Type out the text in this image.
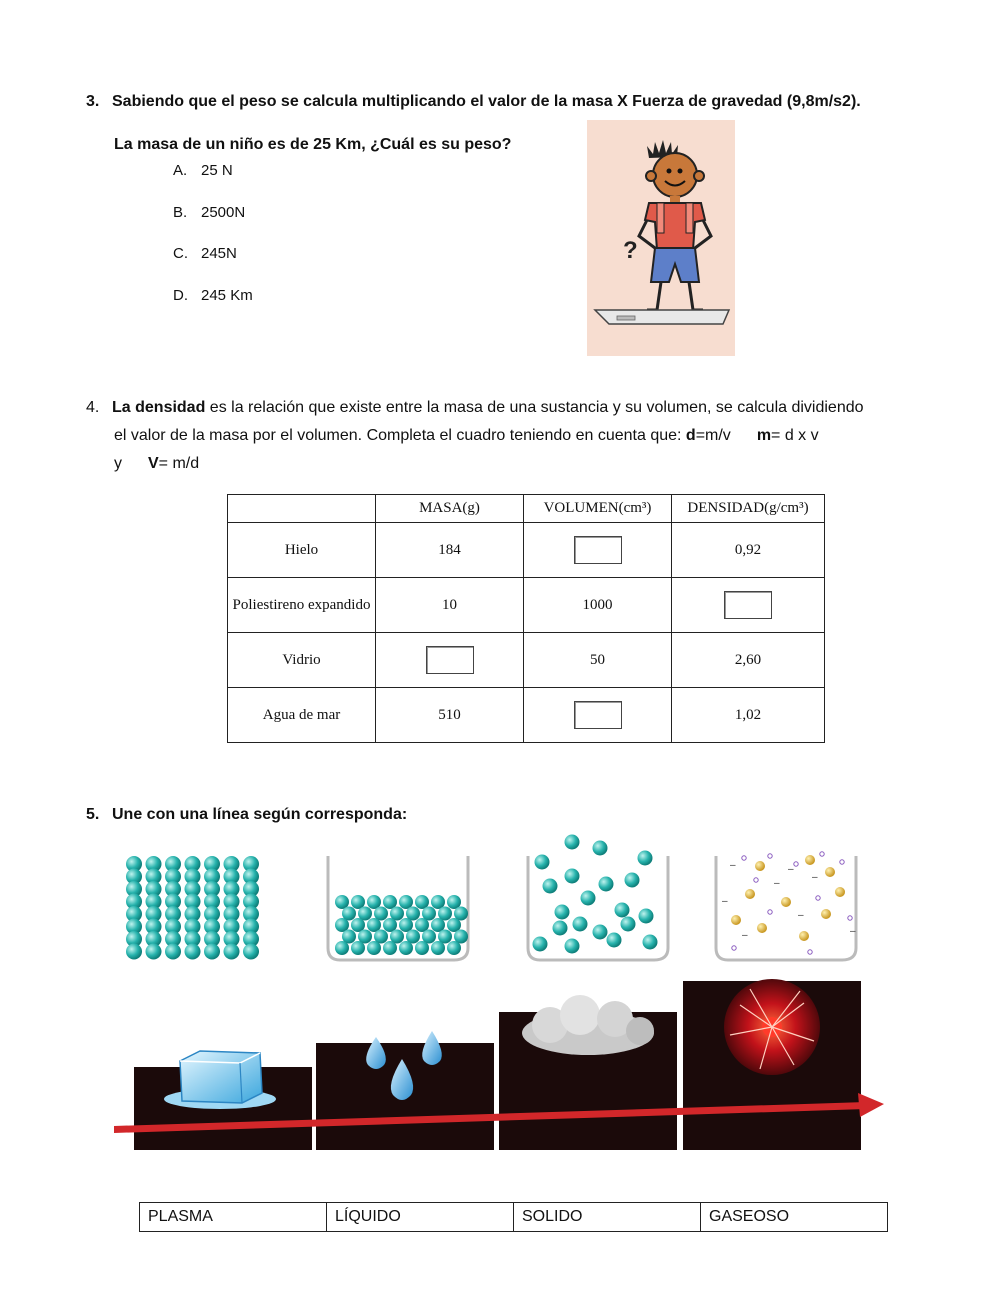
3. Sabiendo que el peso se calcula multiplicando el valor de la masa X Fuerza de gravedad (9,8m/s2).
La masa de un niño es de 25 Km, ¿Cuál es su peso?
A. 25 N
B. 2500N
C. 245N
D. 245 Km
?
4. La densidad es la relación que existe entre la masa de una sustancia y su volumen, se calcula dividiendo
el valor de la masa por el volumen. Completa el cuadro teniendo en cuenta que: d=m/v m= d x v
y V= m/d
	MASA(g)	VOLUMEN(cm³)	DENSIDAD(g/cm³)
Hielo	184		0,92
Poliestireno expandido	10	1000	
Vidrio		50	2,60
Agua de mar	510		1,02
5. Une con una línea según corresponda:
–
–
–
–
–
–
–
–
PLASMA	LÍQUIDO	SOLIDO	GASEOSO
